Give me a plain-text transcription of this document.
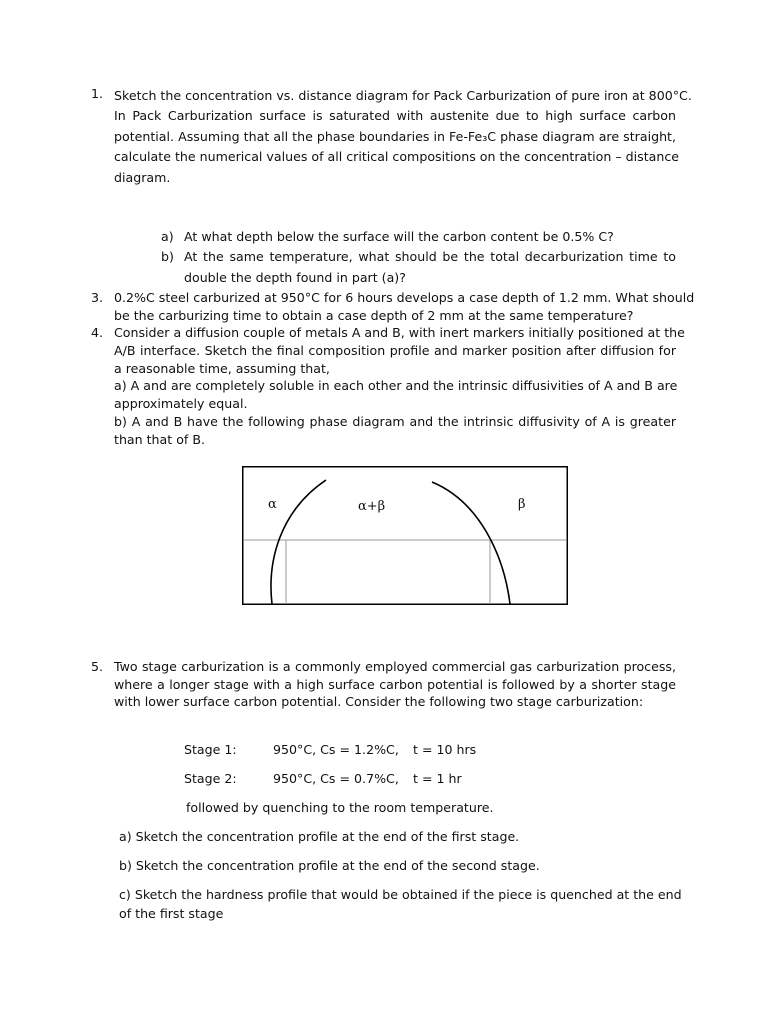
1. Sketch the concentration vs. distance diagram for Pack Carburization of pure iron at 800°C.
In Pack Carburization surface is saturated with austenite due to high surface carbon
potential. Assuming that all the phase boundaries in Fe-Fe₃C phase diagram are straight,
calculate the numerical values of all critical compositions on the concentration – distance
diagram.
a) At what depth below the surface will the carbon content be 0.5% C?
b) At the same temperature, what should be the total decarburization time to
double the depth found in part (a)?
3. 0.2%C steel carburized at 950°C for 6 hours develops a case depth of 1.2 mm. What should
be the carburizing time to obtain a case depth of 2 mm at the same temperature?
4. Consider a diffusion couple of metals A and B, with inert markers initially positioned at the
A/B interface. Sketch the final composition profile and marker position after diffusion for
a reasonable time, assuming that,
a) A and are completely soluble in each other and the intrinsic diffusivities of A and B are
approximately equal.
b) A and B have the following phase diagram and the intrinsic diffusivity of A is greater
than that of B.
α	α+β	β
5. Two stage carburization is a commonly employed commercial gas carburization process,
where a longer stage with a high surface carbon potential is followed by a shorter stage
with lower surface carbon potential. Consider the following two stage carburization:
Stage 1:	950°C, Cs = 1.2%C, t = 10 hrs
Stage 2:	950°C, Cs = 0.7%C, t = 1 hr
followed by quenching to the room temperature.
a) Sketch the concentration profile at the end of the first stage.
b) Sketch the concentration profile at the end of the second stage.
c) Sketch the hardness profile that would be obtained if the piece is quenched at the end
of the first stage
